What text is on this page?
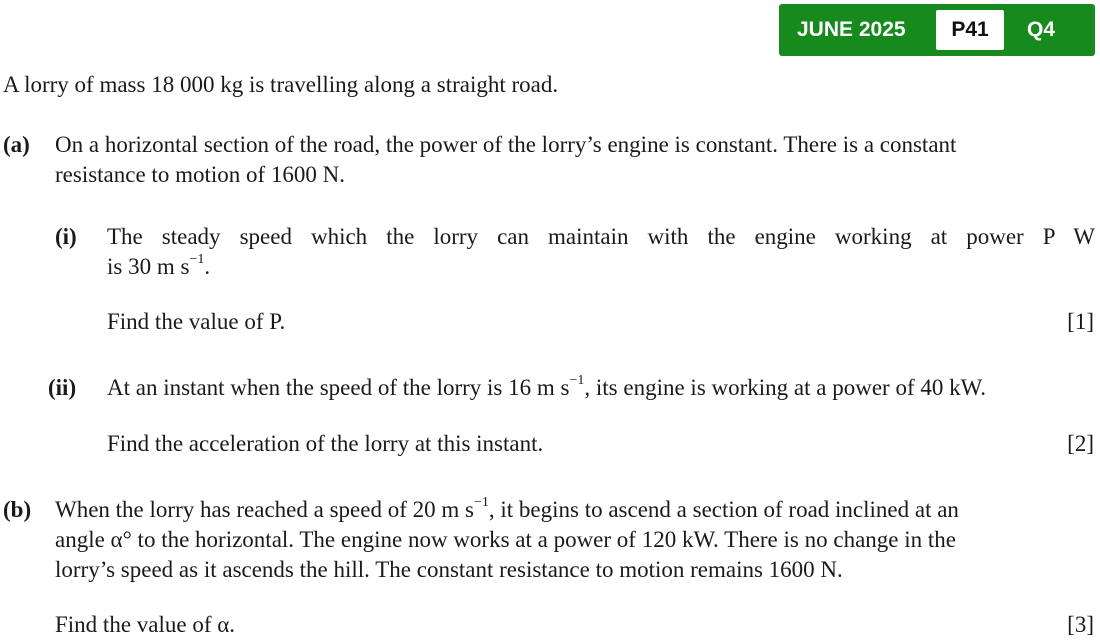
JUNE 2025	P41	Q4
A lorry of mass 18 000 kg is travelling along a straight road.
(a) On a horizontal section of the road, the power of the lorry’s engine is constant. There is a constant
resistance to motion of 1600 N.
(i) The steady speed which the lorry can maintain with the engine working at power P W
is 30 m $s^{-1}$.
Find the value of P.	[1]
(ii) At an instant when the speed of the lorry is 16 m $s^{-1}$, its engine is working at a power of 40 kW.
Find the acceleration of the lorry at this instant.	[2]
(b) When the lorry has reached a speed of 20 m $s^{-1}$, it begins to ascend a section of road inclined at an
angle α° to the horizontal. The engine now works at a power of 120 kW. There is no change in the
lorry’s speed as it ascends the hill. The constant resistance to motion remains 1600 N.
Find the value of α.	[3]
